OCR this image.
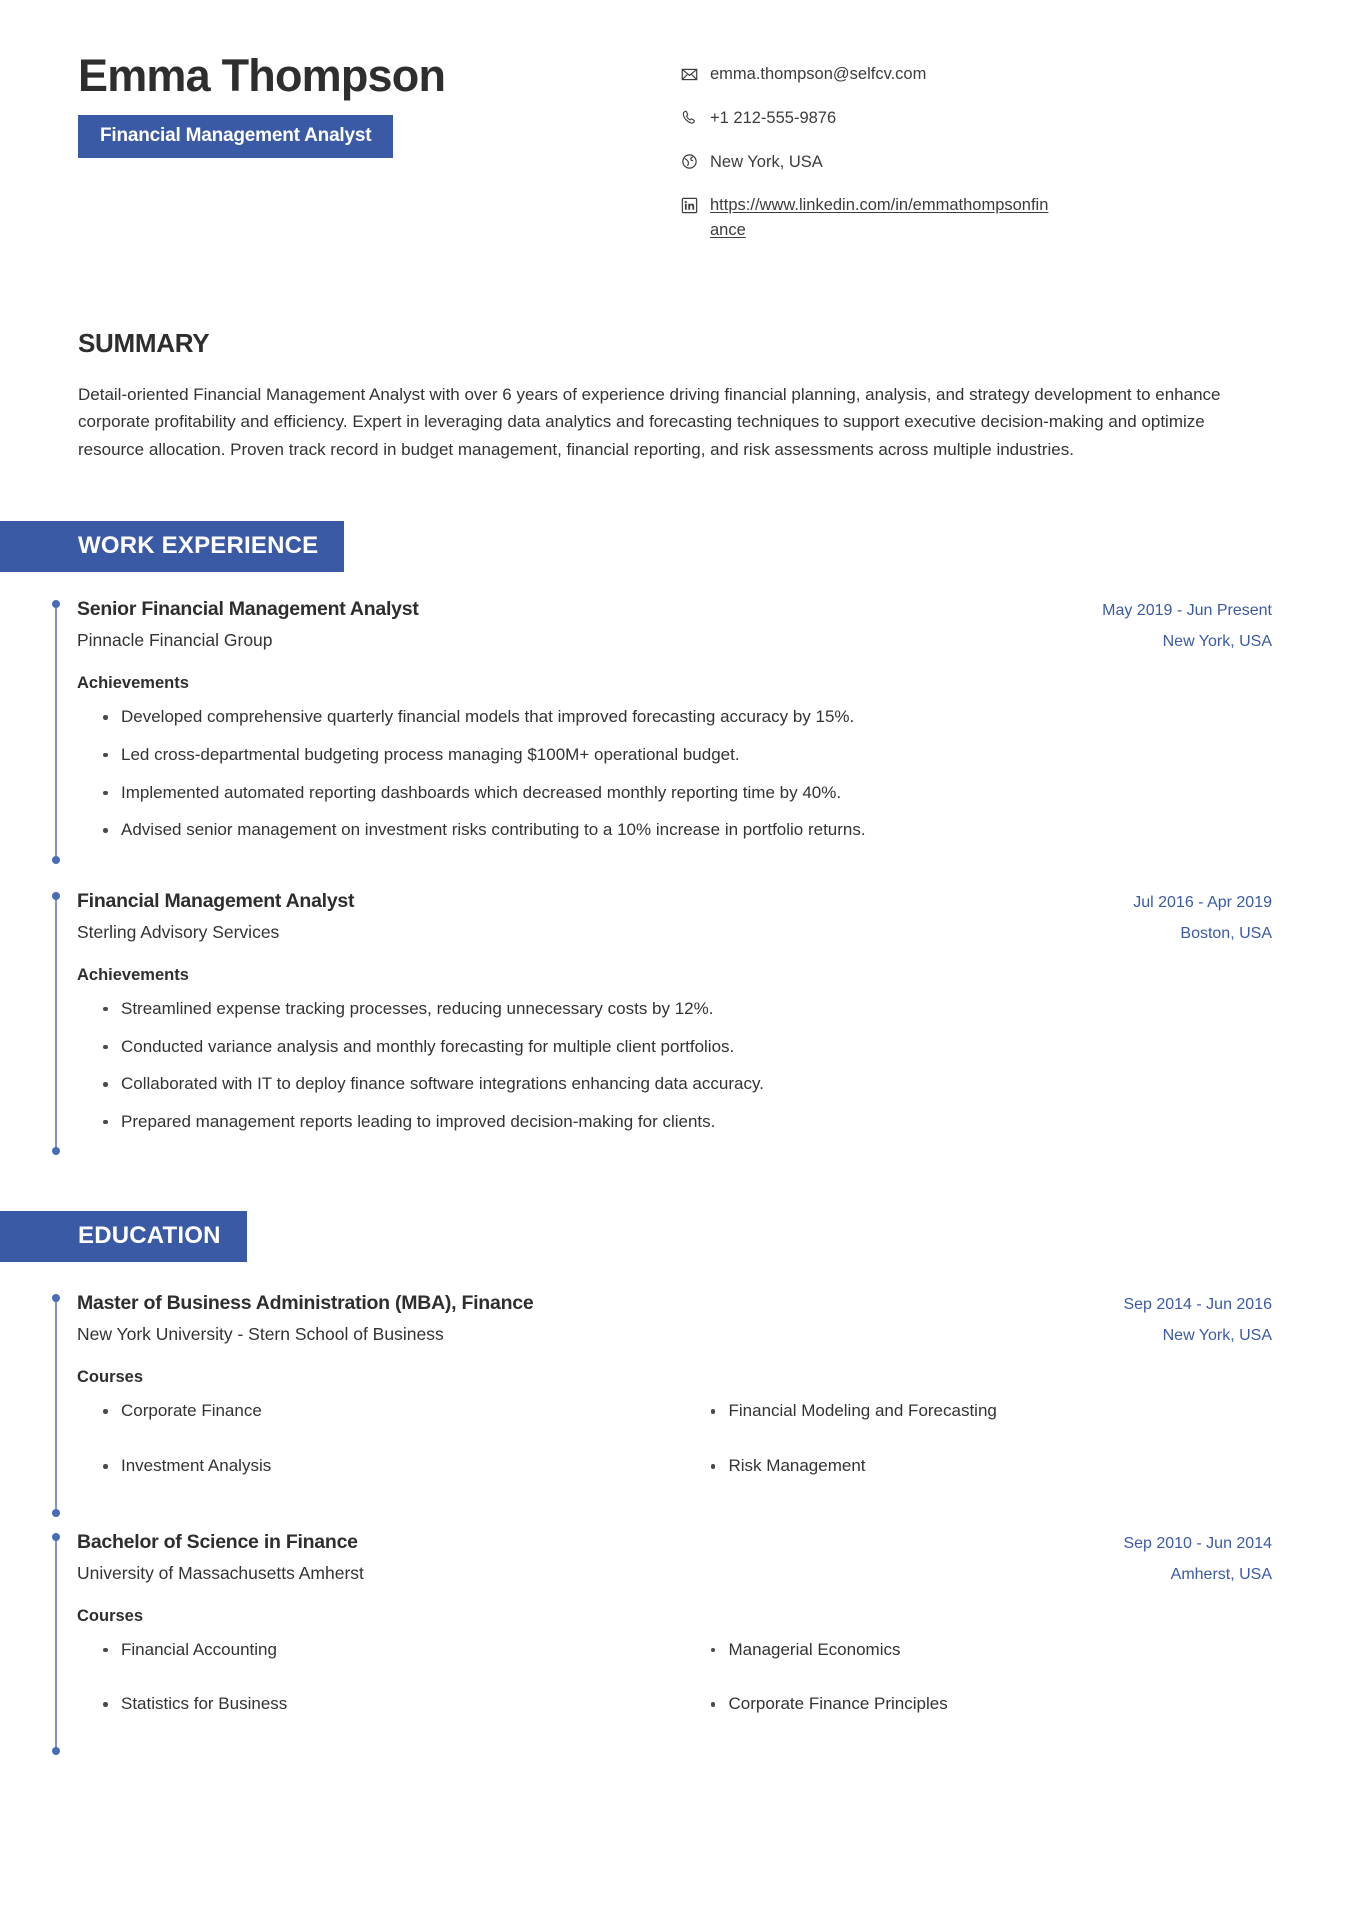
Emma Thompson
Financial Management Analyst
emma.thompson@selfcv.com
+1 212-555-9876
New York, USA
https://www.linkedin.com/in/emmathompsonfinance
SUMMARY
Detail-oriented Financial Management Analyst with over 6 years of experience driving financial planning, analysis, and strategy development to enhance corporate profitability and efficiency. Expert in leveraging data analytics and forecasting techniques to support executive decision-making and optimize resource allocation. Proven track record in budget management, financial reporting, and risk assessments across multiple industries.
WORK EXPERIENCE
Senior Financial Management Analyst	May 2019 - Jun Present
Pinnacle Financial Group	New York, USA
Achievements
Developed comprehensive quarterly financial models that improved forecasting accuracy by 15%.
Led cross-departmental budgeting process managing $100M+ operational budget.
Implemented automated reporting dashboards which decreased monthly reporting time by 40%.
Advised senior management on investment risks contributing to a 10% increase in portfolio returns.
Financial Management Analyst	Jul 2016 - Apr 2019
Sterling Advisory Services	Boston, USA
Achievements
Streamlined expense tracking processes, reducing unnecessary costs by 12%.
Conducted variance analysis and monthly forecasting for multiple client portfolios.
Collaborated with IT to deploy finance software integrations enhancing data accuracy.
Prepared management reports leading to improved decision-making for clients.
EDUCATION
Master of Business Administration (MBA), Finance	Sep 2014 - Jun 2016
New York University - Stern School of Business	New York, USA
Courses
Corporate Finance	Financial Modeling and Forecasting
Investment Analysis	Risk Management
Bachelor of Science in Finance	Sep 2010 - Jun 2014
University of Massachusetts Amherst	Amherst, USA
Courses
Financial Accounting	Managerial Economics
Statistics for Business	Corporate Finance Principles
